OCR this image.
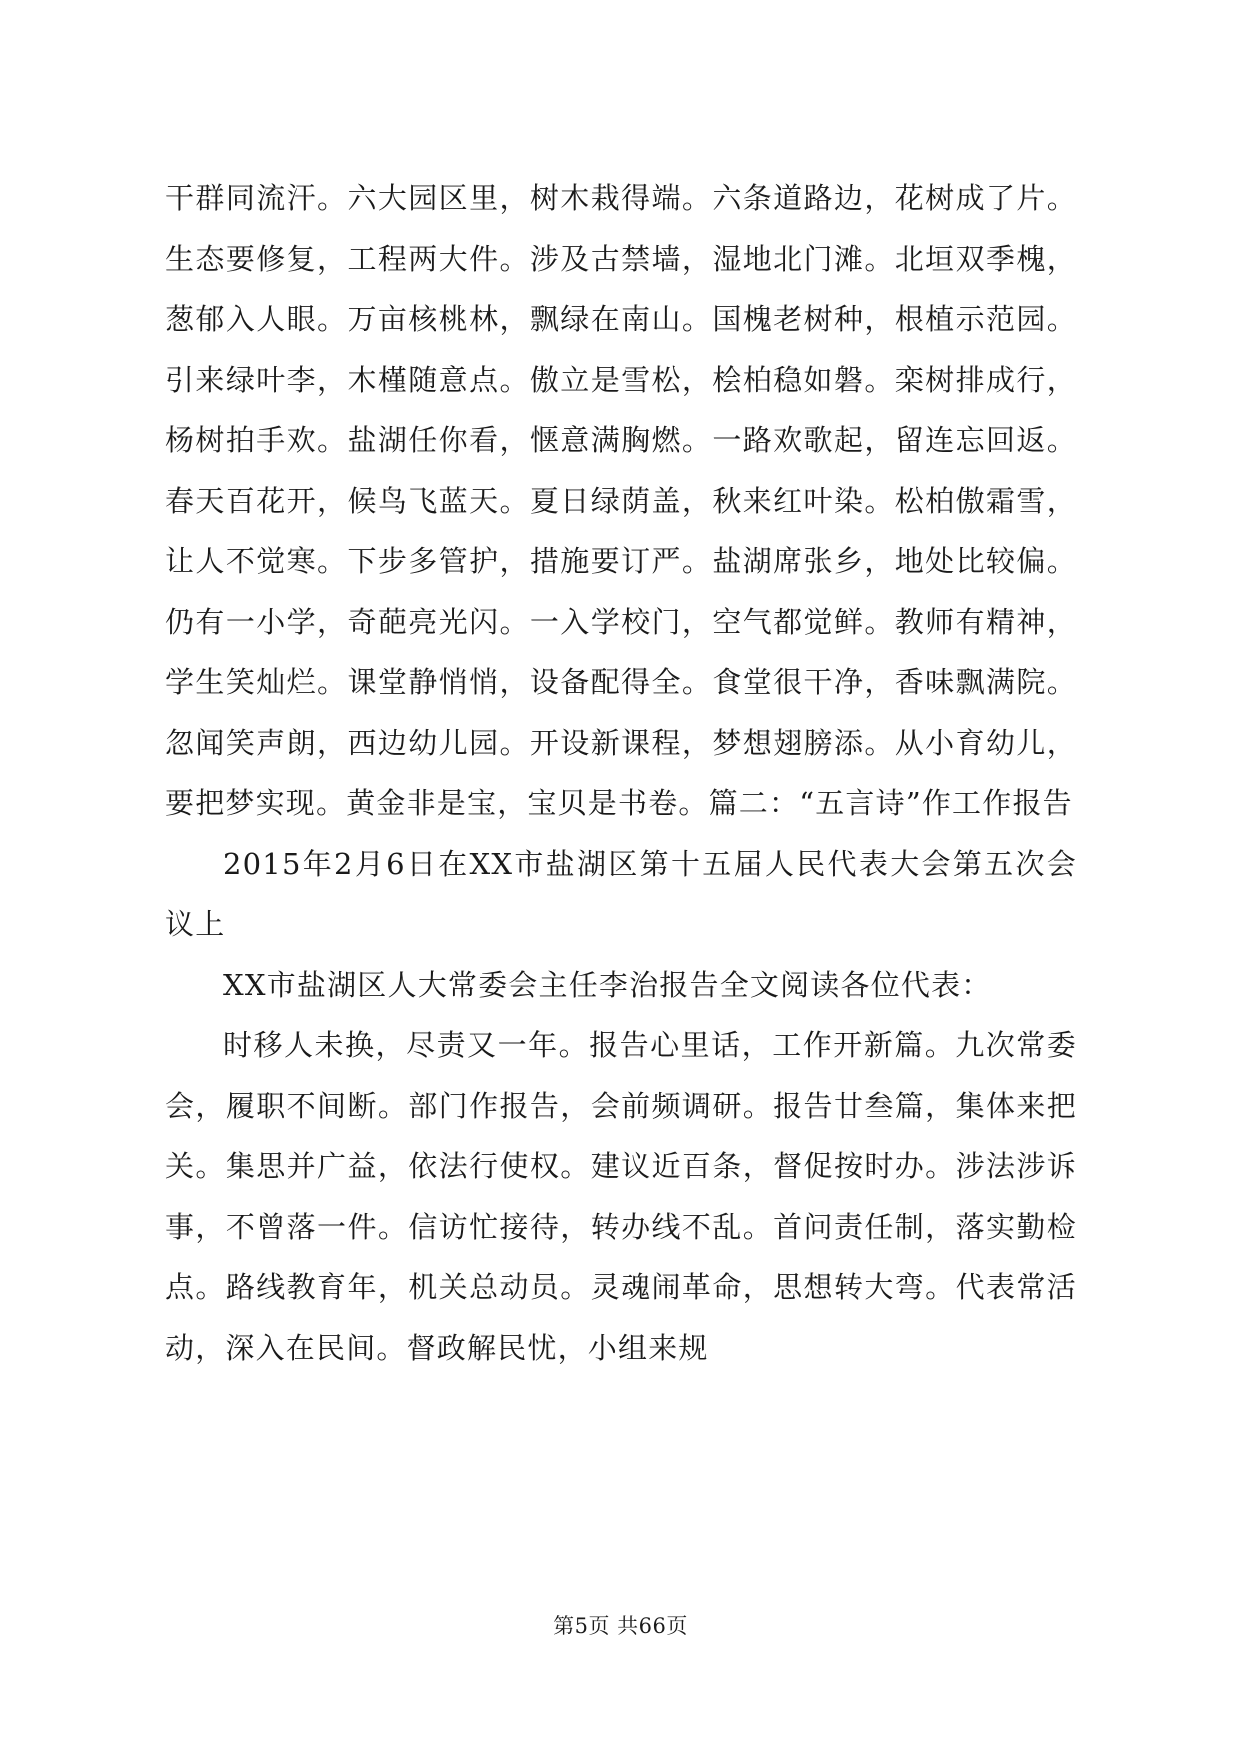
干群同流汗。六大园区里，树木栽得端。六条道路边，花树成了片。生态要修复，工程两大件。涉及古禁墙，湿地北门滩。北垣双季槐，葱郁入人眼。万亩核桃林，飘绿在南山。国槐老树种，根植示范园。引来绿叶李，木槿随意点。傲立是雪松，桧柏稳如磐。栾树排成行，杨树拍手欢。盐湖任你看，惬意满胸燃。一路欢歌起，留连忘回返。春天百花开，候鸟飞蓝天。夏日绿荫盖，秋来红叶染。松柏傲霜雪，让人不觉寒。下步多管护，措施要订严。盐湖席张乡，地处比较偏。仍有一小学，奇葩亮光闪。一入学校门，空气都觉鲜。教师有精神，学生笑灿烂。课堂静悄悄，设备配得全。食堂很干净，香味飘满院。忽闻笑声朗，西边幼儿园。开设新课程，梦想翅膀添。从小育幼儿，要把梦实现。黄金非是宝，宝贝是书卷。篇二：“五言诗”作工作报告

2015年2月6日在XX市盐湖区第十五届人民代表大会第五次会议上

XX市盐湖区人大常委会主任李治报告全文阅读各位代表：

时移人未换，尽责又一年。报告心里话，工作开新篇。九次常委会，履职不间断。部门作报告，会前频调研。报告廿叁篇，集体来把关。集思并广益，依法行使权。建议近百条，督促按时办。涉法涉诉事，不曾落一件。信访忙接待，转办线不乱。首问责任制，落实勤检点。路线教育年，机关总动员。灵魂闹革命，思想转大弯。代表常活动，深入在民间。督政解民忧，小组来规

第5页 共66页
